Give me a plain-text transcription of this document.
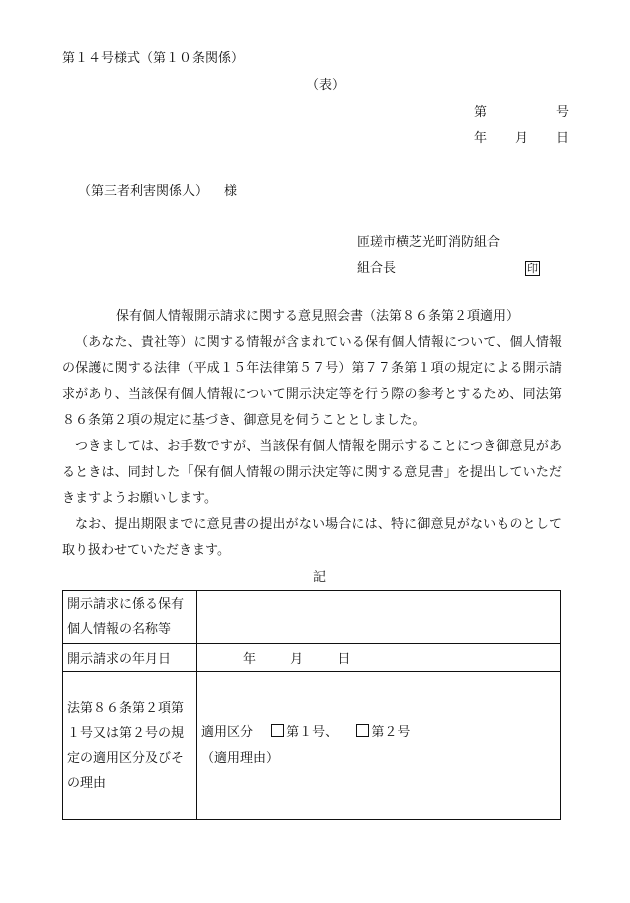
第１４号様式（第１０条関係）
（表）
第	号
年 月 日
（第三者利害関係人） 様
匝瑳市横芝光町消防組合
組合長	印
保有個人情報開示請求に関する意見照会書（法第８６条第２項適用）
（あなた、貴社等）に関する情報が含まれている保有個人情報について、個人情報の保護に関する法律（平成１５年法律第５７号）第７７条第１項の規定による開示請求があり、当該保有個人情報について開示決定等を行う際の参考とするため、同法第８６条第２項の規定に基づき、御意見を伺うこととしました。
つきましては、お手数ですが、当該保有個人情報を開示することにつき御意見があるときは、同封した「保有個人情報の開示決定等に関する意見書」を提出していただきますようお願いします。
なお、提出期限までに意見書の提出がない場合には、特に御意見がないものとして取り扱わせていただきます。
記
開示請求に係る保有個人情報の名称等	

開示請求の年月日	年 月 日

法第８６条第２項第１号又は第２号の規定の適用区分及びその理由	適用区分 第１号、 第２号
（適用理由）
